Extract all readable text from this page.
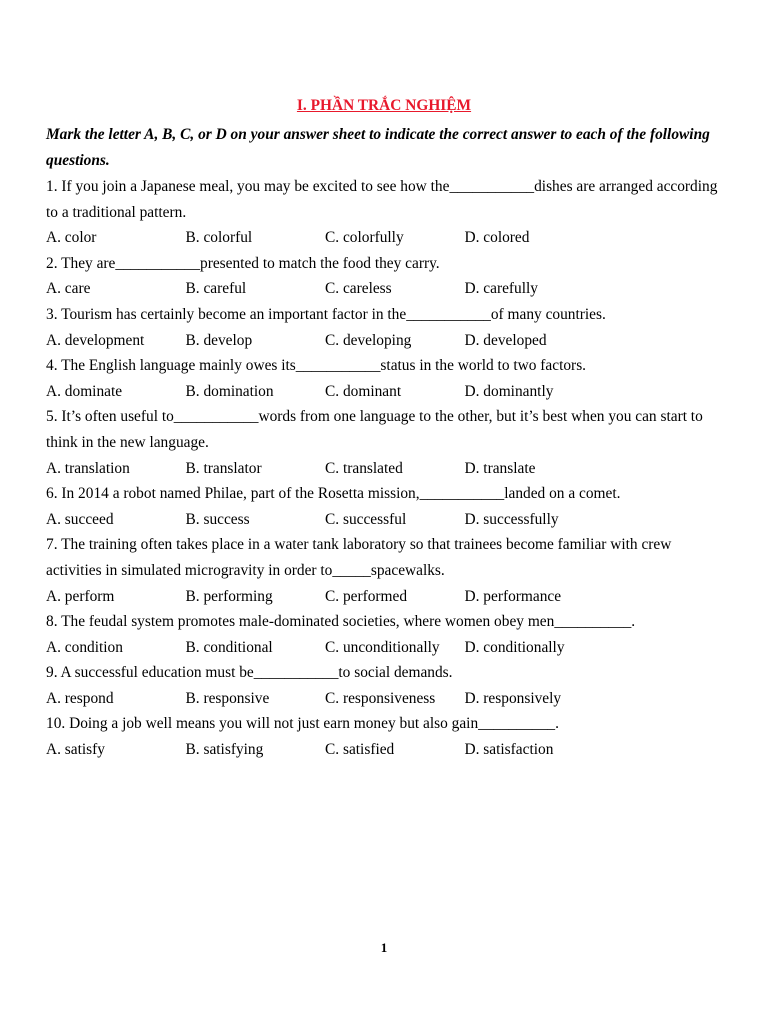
I. PHẦN TRẮC NGHIỆM
Mark the letter A, B, C, or D on your answer sheet to indicate the correct answer to each of the following questions.

1. If you join a Japanese meal, you may be excited to see how the___________dishes are arranged according to a traditional pattern.

A. color	B. colorful	C. colorfully	D. colored

2. They are___________presented to match the food they carry.

A. care	B. careful	C. careless	D. carefully

3. Tourism has certainly become an important factor in the___________of many countries.

A. development	B. develop	C. developing	D. developed

4. The English language mainly owes its___________status in the world to two factors.

A. dominate	B. domination	C. dominant	D. dominantly

5. It’s often useful to___________words from one language to the other, but it’s best when you can start to think in the new language.

A. translation	B. translator	C. translated	D. translate

6. In 2014 a robot named Philae, part of the Rosetta mission,___________landed on a comet.

A. succeed	B. success	C. successful	D. successfully

7. The training often takes place in a water tank laboratory so that trainees become familiar with crew activities in simulated microgravity in order to_____spacewalks.

A. perform	B. performing	C. performed	D. performance

8. The feudal system promotes male-dominated societies, where women obey men__________.

A. condition	B. conditional	C. unconditionally	D. conditionally

9. A successful education must be___________to social demands.

A. respond	B. responsive	C. responsiveness	D. responsively

10. Doing a job well means you will not just earn money but also gain__________.

A. satisfy	B. satisfying	C. satisfied	D. satisfaction
1
